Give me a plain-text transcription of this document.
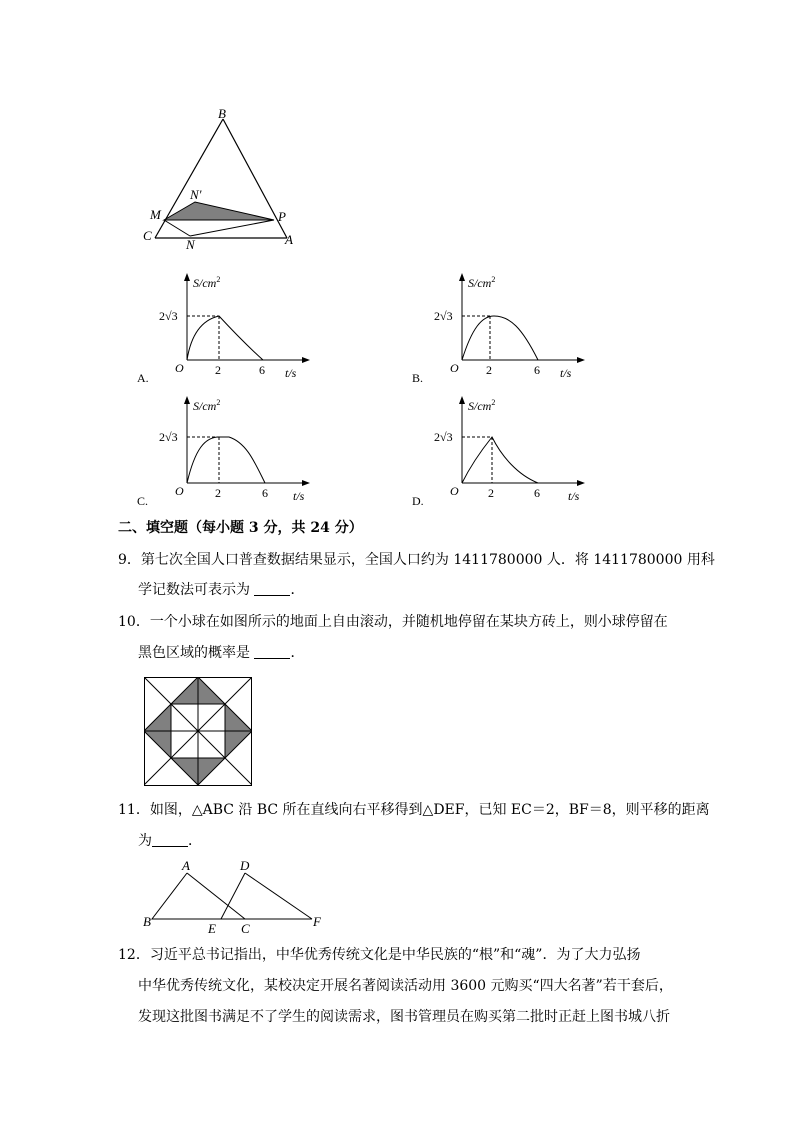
B
N'
M	P
C
N	A
A.
$S/cm^2$
2√3
O	2	6 t/s	B.
$S/cm^2$
2√3
O 2	6 t/s
C.
$S/cm^2$
2√3
O	2	6 t/s	D.
$S/cm^2$
2√3
O 2	6 t/s
二、填空题（每小题 3 分，共 24 分）
9．第七次全国人口普查数据结果显示，全国人口约为 1411780000 人．将 1411780000 用科
学记数法可表示为	．
10．一个小球在如图所示的地面上自由滚动，并随机地停留在某块方砖上，则小球停留在
黑色区域的概率是	．
11．如图，△ABC 沿 BC 所在直线向右平移得到△DEF，已知 EC＝2，BF＝8，则平移的距离
为	．
A	D
B	E C	F
12．习近平总书记指出，中华优秀传统文化是中华民族的“根”和“魂”．为了大力弘扬
中华优秀传统文化，某校决定开展名著阅读活动用 3600 元购买“四大名著”若干套后，
发现这批图书满足不了学生的阅读需求，图书管理员在购买第二批时正赶上图书城八折
